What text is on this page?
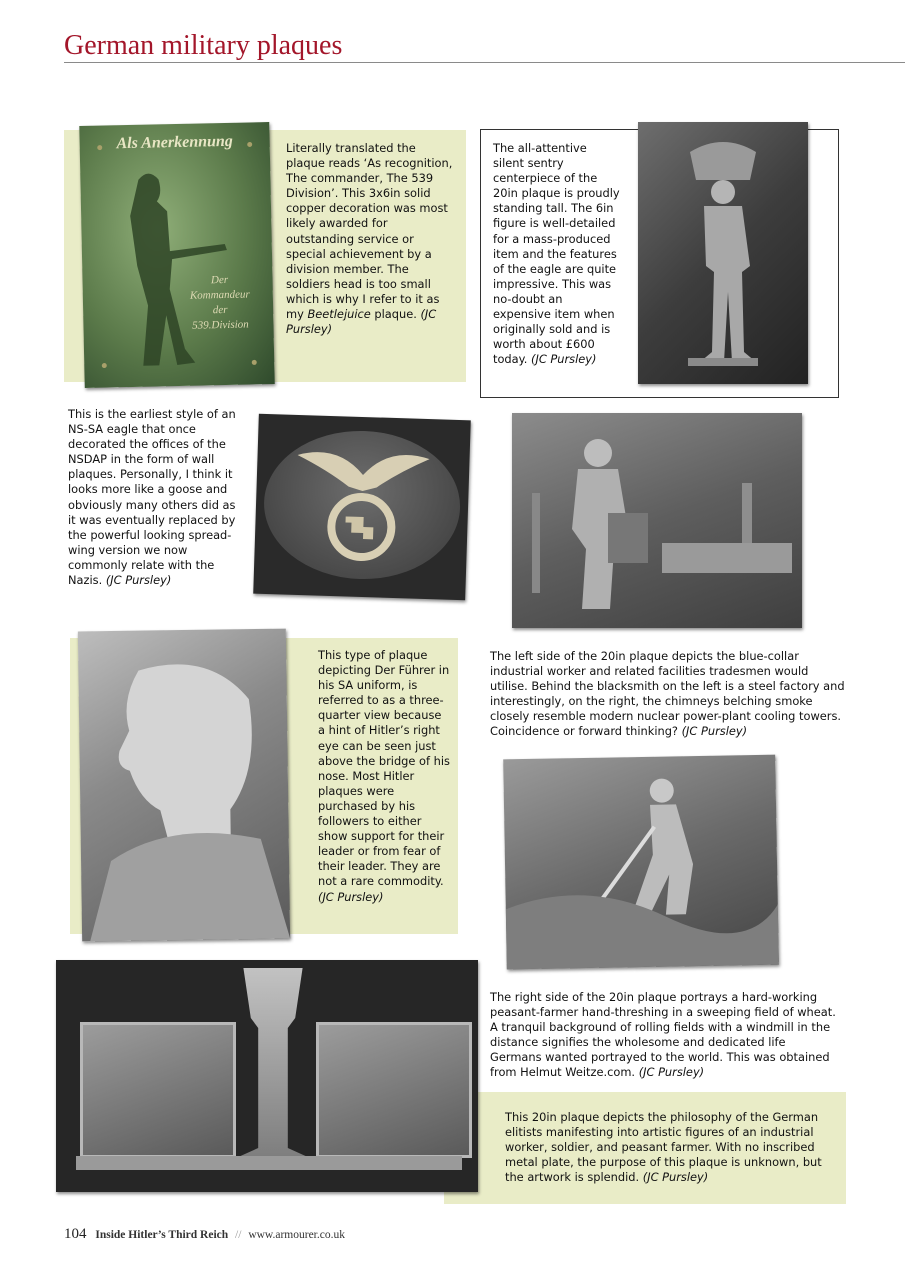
German military plaques
Als Anerkennung
Der
Kommandeur
der
539.Division
Literally translated the plaque reads ‘As recognition, The commander, The 539 Division’. This 3x6in solid copper decoration was most likely awarded for outstanding service or special achievement by a division member. The soldiers head is too small which is why I refer to it as my Beetlejuice plaque. (JC Pursley)
The all-attentive silent sentry centerpiece of the 20in plaque is proudly standing tall. The 6in figure is well-detailed for a mass-produced item and the features of the eagle are quite impressive. This was no-doubt an expensive item when originally sold and is worth about £600 today. (JC Pursley)
This is the earliest style of an NS-SA eagle that once decorated the offices of the NSDAP in the form of wall plaques. Personally, I think it looks more like a goose and obviously many others did as it was eventually replaced by the powerful looking spread-wing version we now commonly relate with the Nazis. (JC Pursley)
This type of plaque depicting Der Führer in his SA uniform, is referred to as a three-quarter view because a hint of Hitler’s right eye can be seen just above the bridge of his nose. Most Hitler plaques were purchased by his followers to either show support for their leader or from fear of their leader. They are not a rare commodity. (JC Pursley)
The left side of the 20in plaque depicts the blue-collar industrial worker and related facilities tradesmen would utilise. Behind the blacksmith on the left is a steel factory and interestingly, on the right, the chimneys belching smoke closely resemble modern nuclear power-plant cooling towers. Coincidence or forward thinking? (JC Pursley)
The right side of the 20in plaque portrays a hard-working peasant-farmer hand-threshing in a sweeping field of wheat. A tranquil background of rolling fields with a windmill in the distance signifies the wholesome and dedicated life Germans wanted portrayed to the world. This was obtained from Helmut Weitze.com. (JC Pursley)
This 20in plaque depicts the philosophy of the German elitists manifesting into artistic figures of an industrial worker, soldier, and peasant farmer. With no inscribed metal plate, the purpose of this plaque is unknown, but the artwork is splendid. (JC Pursley)
104 Inside Hitler’s Third Reich // www.armourer.co.uk
